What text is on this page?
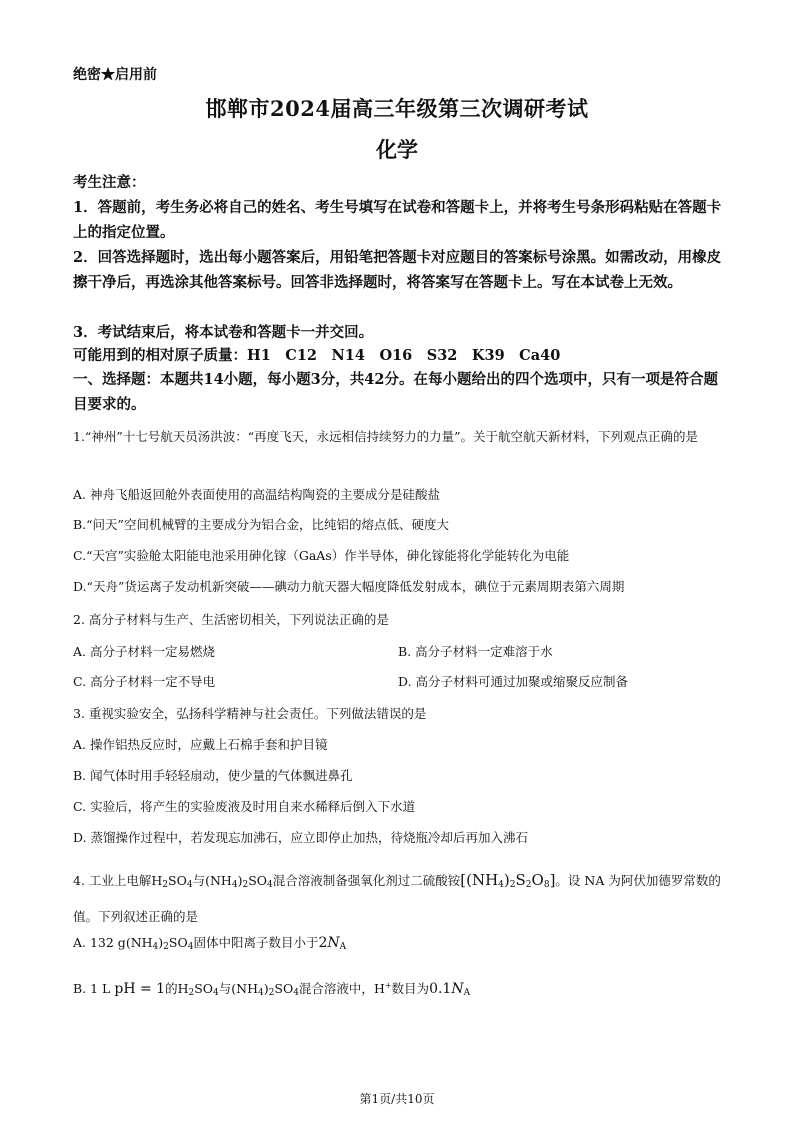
绝密★启用前
邯郸市2024届高三年级第三次调研考试
化学
考生注意：
1．答题前，考生务必将自己的姓名、考生号填写在试卷和答题卡上，并将考生号条形码粘贴在答题卡上的指定位置。
2．回答选择题时，选出每小题答案后，用铅笔把答题卡对应题目的答案标号涂黑。如需改动，用橡皮擦干净后，再选涂其他答案标号。回答非选择题时，将答案写在答题卡上。写在本试卷上无效。
3．考试结束后，将本试卷和答题卡一并交回。
可能用到的相对原子质量：H1　C12　N14　O16　S32　K39　Ca40
一、选择题：本题共14小题，每小题3分，共42分。在每小题给出的四个选项中，只有一项是符合题目要求的。
1.“神州”十七号航天员汤洪波：“再度飞天，永远相信持续努力的力量”。关于航空航天新材料，下列观点正确的是
A. 神舟飞船返回舱外表面使用的高温结构陶瓷的主要成分是硅酸盐
B.“问天”空间机械臂的主要成分为铝合金，比纯铝的熔点低、硬度大
C.“天宫”实验舱太阳能电池采用砷化镓（GaAs）作半导体，砷化镓能将化学能转化为电能
D.“天舟”货运离子发动机新突破——碘动力航天器大幅度降低发射成本，碘位于元素周期表第六周期
2. 高分子材料与生产、生活密切相关，下列说法正确的是
A. 高分子材料一定易燃烧	B. 高分子材料一定难溶于水
C. 高分子材料一定不导电	D. 高分子材料可通过加聚或缩聚反应制备
3. 重视实验安全，弘扬科学精神与社会责任。下列做法错误的是
A. 操作铝热反应时，应戴上石棉手套和护目镜
B. 闻气体时用手轻轻扇动，使少量的气体飘进鼻孔
C. 实验后，将产生的实验废液及时用自来水稀释后倒入下水道
D. 蒸馏操作过程中，若发现忘加沸石，应立即停止加热，待烧瓶冷却后再加入沸石
4. 工业上电解$H_2SO_4$与$(NH_4)_2SO_4$混合溶液制备强氧化剂过二硫酸铵$[(NH_4)_2S_2O_8]$。设 NA 为阿伏加德罗常数的值。下列叙述正确的是
A. 132 $g(NH_4)_2SO_4$固体中阳离子数目小于$2N_A$
B. 1 L pH = 1的$H_2SO_4$与$(NH_4)_2SO_4$混合溶液中，H+数目为$0.1N_A$
第1页/共10页
